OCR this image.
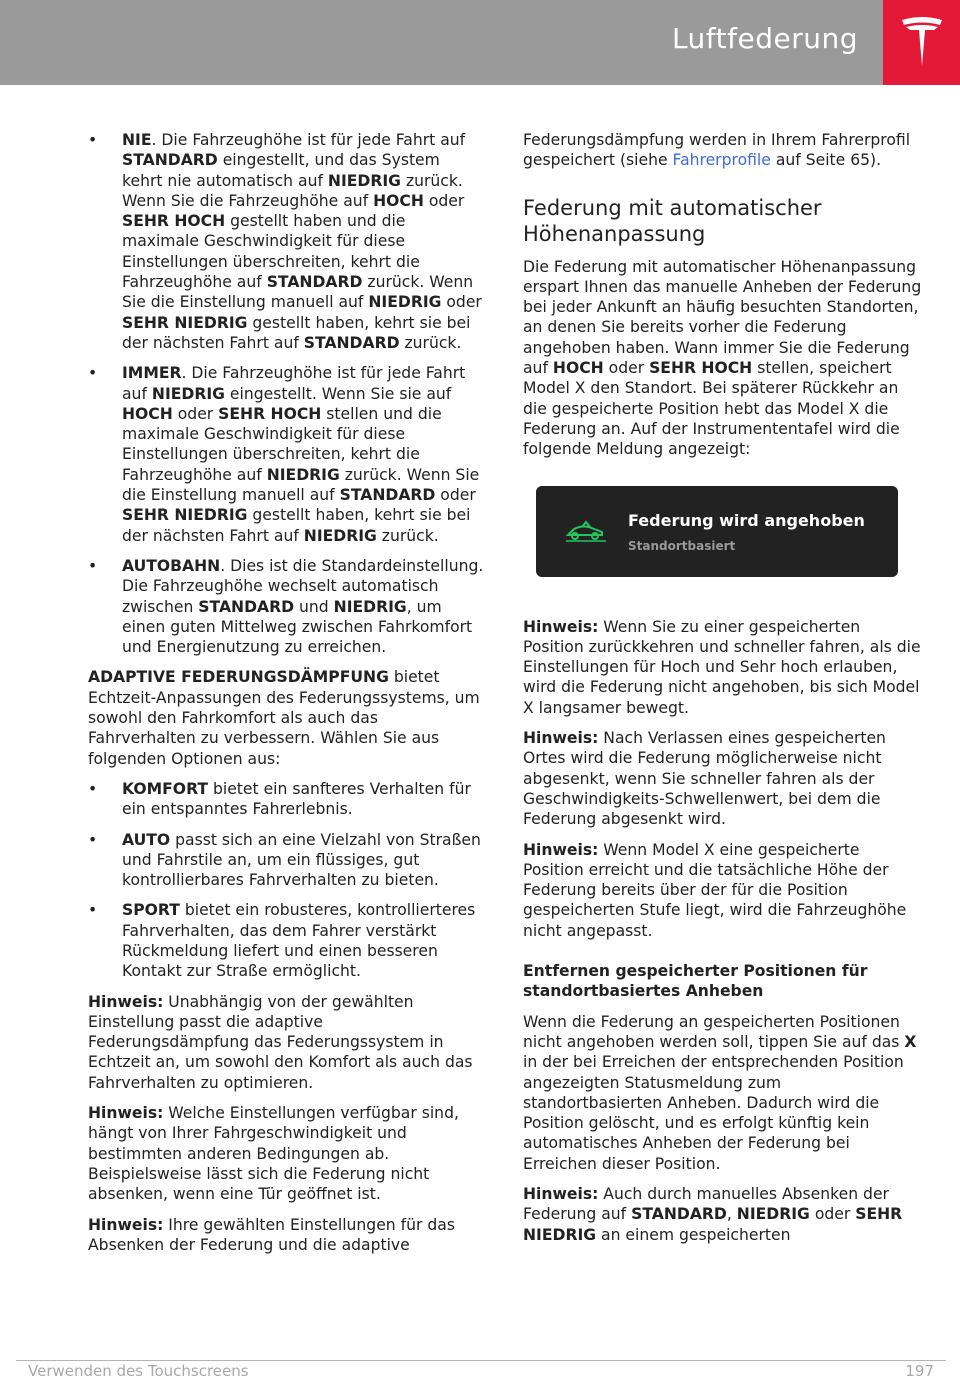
Luftfederung
• NIE. Die Fahrzeughöhe ist für jede Fahrt auf STANDARD eingestellt, und das System kehrt nie automatisch auf NIEDRIG zurück. Wenn Sie die Fahrzeughöhe auf HOCH oder SEHR HOCH gestellt haben und die maximale Geschwindigkeit für diese Einstellungen überschreiten, kehrt die Fahrzeughöhe auf STANDARD zurück. Wenn Sie die Einstellung manuell auf NIEDRIG oder SEHR NIEDRIG gestellt haben, kehrt sie bei der nächsten Fahrt auf STANDARD zurück.
• IMMER. Die Fahrzeughöhe ist für jede Fahrt auf NIEDRIG eingestellt. Wenn Sie sie auf HOCH oder SEHR HOCH stellen und die maximale Geschwindigkeit für diese Einstellungen überschreiten, kehrt die Fahrzeughöhe auf NIEDRIG zurück. Wenn Sie die Einstellung manuell auf STANDARD oder SEHR NIEDRIG gestellt haben, kehrt sie bei der nächsten Fahrt auf NIEDRIG zurück.
• AUTOBAHN. Dies ist die Standardeinstellung. Die Fahrzeughöhe wechselt automatisch zwischen STANDARD und NIEDRIG, um einen guten Mittelweg zwischen Fahrkomfort und Energienutzung zu erreichen.

ADAPTIVE FEDERUNGSDÄMPFUNG bietet Echtzeit-Anpassungen des Federungssystems, um sowohl den Fahrkomfort als auch das Fahrverhalten zu verbessern. Wählen Sie aus folgenden Optionen aus:

• KOMFORT bietet ein sanfteres Verhalten für ein entspanntes Fahrerlebnis.
• AUTO passt sich an eine Vielzahl von Straßen und Fahrstile an, um ein flüssiges, gut kontrollierbares Fahrverhalten zu bieten.
• SPORT bietet ein robusteres, kontrollierteres Fahrverhalten, das dem Fahrer verstärkt Rückmeldung liefert und einen besseren Kontakt zur Straße ermöglicht.

Hinweis: Unabhängig von der gewählten Einstellung passt die adaptive Federungsdämpfung das Federungssystem in Echtzeit an, um sowohl den Komfort als auch das Fahrverhalten zu optimieren.

Hinweis: Welche Einstellungen verfügbar sind, hängt von Ihrer Fahrgeschwindigkeit und bestimmten anderen Bedingungen ab. Beispielsweise lässt sich die Federung nicht absenken, wenn eine Tür geöffnet ist.

Hinweis: Ihre gewählten Einstellungen für das Absenken der Federung und die adaptive

Federungsdämpfung werden in Ihrem Fahrerprofil gespeichert (siehe Fahrerprofile auf Seite 65).

Federung mit automatischer Höhenanpassung

Die Federung mit automatischer Höhenanpassung erspart Ihnen das manuelle Anheben der Federung bei jeder Ankunft an häufig besuchten Standorten, an denen Sie bereits vorher die Federung angehoben haben. Wann immer Sie die Federung auf HOCH oder SEHR HOCH stellen, speichert Model X den Standort. Bei späterer Rückkehr an die gespeicherte Position hebt das Model X die Federung an. Auf der Instrumententafel wird die folgende Meldung angezeigt:

Federung wird angehoben
Standortbasiert

Hinweis: Wenn Sie zu einer gespeicherten Position zurückkehren und schneller fahren, als die Einstellungen für Hoch und Sehr hoch erlauben, wird die Federung nicht angehoben, bis sich Model X langsamer bewegt.

Hinweis: Nach Verlassen eines gespeicherten Ortes wird die Federung möglicherweise nicht abgesenkt, wenn Sie schneller fahren als der Geschwindigkeits-Schwellenwert, bei dem die Federung abgesenkt wird.

Hinweis: Wenn Model X eine gespeicherte Position erreicht und die tatsächliche Höhe der Federung bereits über der für die Position gespeicherten Stufe liegt, wird die Fahrzeughöhe nicht angepasst.

Entfernen gespeicherter Positionen für standortbasiertes Anheben

Wenn die Federung an gespeicherten Positionen nicht angehoben werden soll, tippen Sie auf das X in der bei Erreichen der entsprechenden Position angezeigten Statusmeldung zum standortbasierten Anheben. Dadurch wird die Position gelöscht, und es erfolgt künftig kein automatisches Anheben der Federung bei Erreichen dieser Position.

Hinweis: Auch durch manuelles Absenken der Federung auf STANDARD, NIEDRIG oder SEHR NIEDRIG an einem gespeicherten

Verwenden des Touchscreens	197
